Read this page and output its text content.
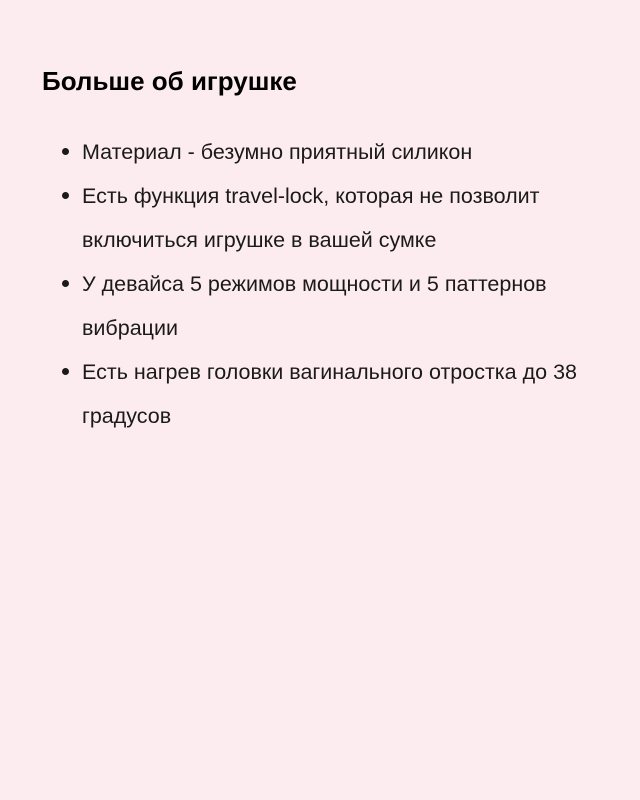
Больше об игрушке
Материал - безумно приятный силикон
Есть функция travel-lock, которая не позволит включиться игрушке в вашей сумке
У девайса 5 режимов мощности и 5 паттернов вибрации
Есть нагрев головки вагинального отростка до 38 градусов
